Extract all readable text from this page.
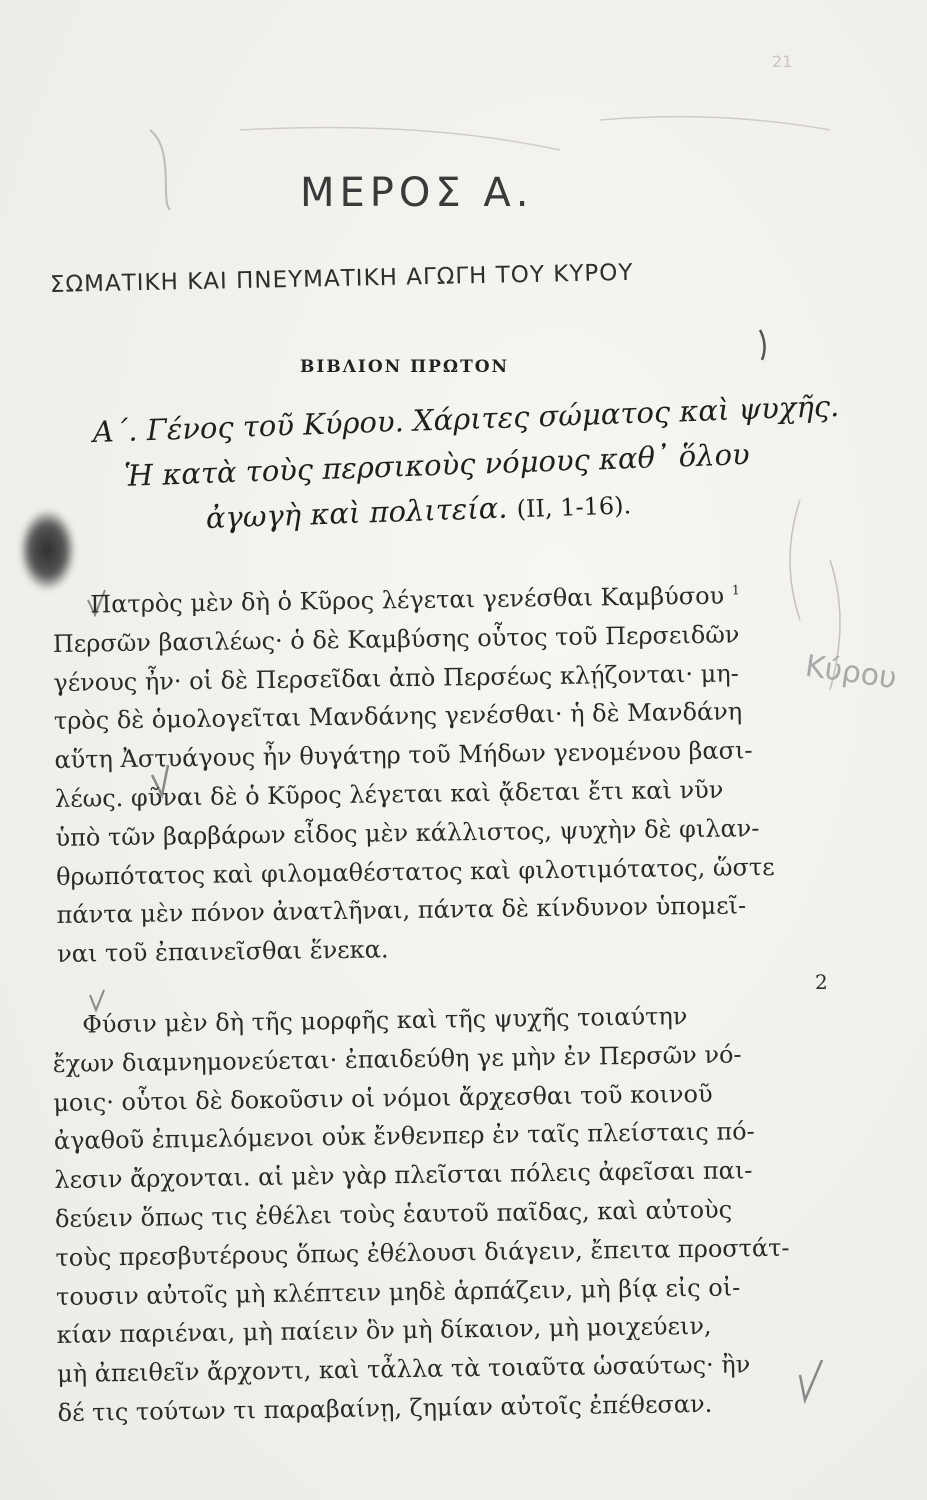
21
ΜΕΡΟΣ Α.
ΣΩΜΑΤΙΚΗ ΚΑΙ ΠΝΕΥΜΑΤΙΚΗ ΑΓΩΓΗ ΤΟΥ ΚΥΡΟΥ
ΒΙΒΛΙΟΝ ΠΡΩΤΟΝ
Α΄. Γένος τοῦ Κύρου. Χάριτες σώματος καὶ ψυχῆς.
Ἡ κατὰ τοὺς περσικοὺς νόμους καθ᾽ ὅλου
ἀγωγὴ καὶ πολιτεία. (II, 1-16).
Πατρὸς μὲν δὴ ὁ Κῦρος λέγεται γενέσθαι Καμβύσου $^1$
Περσῶν βασιλέως· ὁ δὲ Καμβύσης οὗτος τοῦ Περσειδῶν
γένους ἦν· οἱ δὲ Περσεῖδαι ἀπὸ Περσέως κλῄζονται· μη-
τρὸς δὲ ὁμολογεῖται Μανδάνης γενέσθαι· ἡ δὲ Μανδάνη
αὕτη Ἀστυάγους ἦν θυγάτηρ τοῦ Μήδων γενομένου βασι-
λέως. φῦναι δὲ ὁ Κῦρος λέγεται καὶ ᾄδεται ἔτι καὶ νῦν
ὑπὸ τῶν βαρβάρων εἶδος μὲν κάλλιστος, ψυχὴν δὲ φιλαν-
θρωπότατος καὶ φιλομαθέστατος καὶ φιλοτιμότατος, ὥστε
πάντα μὲν πόνον ἀνατλῆναι, πάντα δὲ κίνδυνον ὑπομεῖ-
ναι τοῦ ἐπαινεῖσθαι ἕνεκα.
Φύσιν μὲν δὴ τῆς μορφῆς καὶ τῆς ψυχῆς τοιαύτην
ἔχων διαμνημονεύεται· ἐπαιδεύθη γε μὴν ἐν Περσῶν νό-
μοις· οὗτοι δὲ δοκοῦσιν οἱ νόμοι ἄρχεσθαι τοῦ κοινοῦ
ἀγαθοῦ ἐπιμελόμενοι οὐκ ἔνθενπερ ἐν ταῖς πλείσταις πό-
λεσιν ἄρχονται. αἱ μὲν γὰρ πλεῖσται πόλεις ἀφεῖσαι παι-
δεύειν ὅπως τις ἐθέλει τοὺς ἑαυτοῦ παῖδας, καὶ αὐτοὺς
τοὺς πρεσβυτέρους ὅπως ἐθέλουσι διάγειν, ἔπειτα προστάτ-
τουσιν αὐτοῖς μὴ κλέπτειν μηδὲ ἁρπάζειν, μὴ βίᾳ εἰς οἰ-
κίαν παριέναι, μὴ παίειν ὃν μὴ δίκαιον, μὴ μοιχεύειν,
μὴ ἀπειθεῖν ἄρχοντι, καὶ τἆλλα τὰ τοιαῦτα ὡσαύτως· ἢν
δέ τις τούτων τι παραβαίνῃ, ζημίαν αὐτοῖς ἐπέθεσαν.
2
Κύρου
